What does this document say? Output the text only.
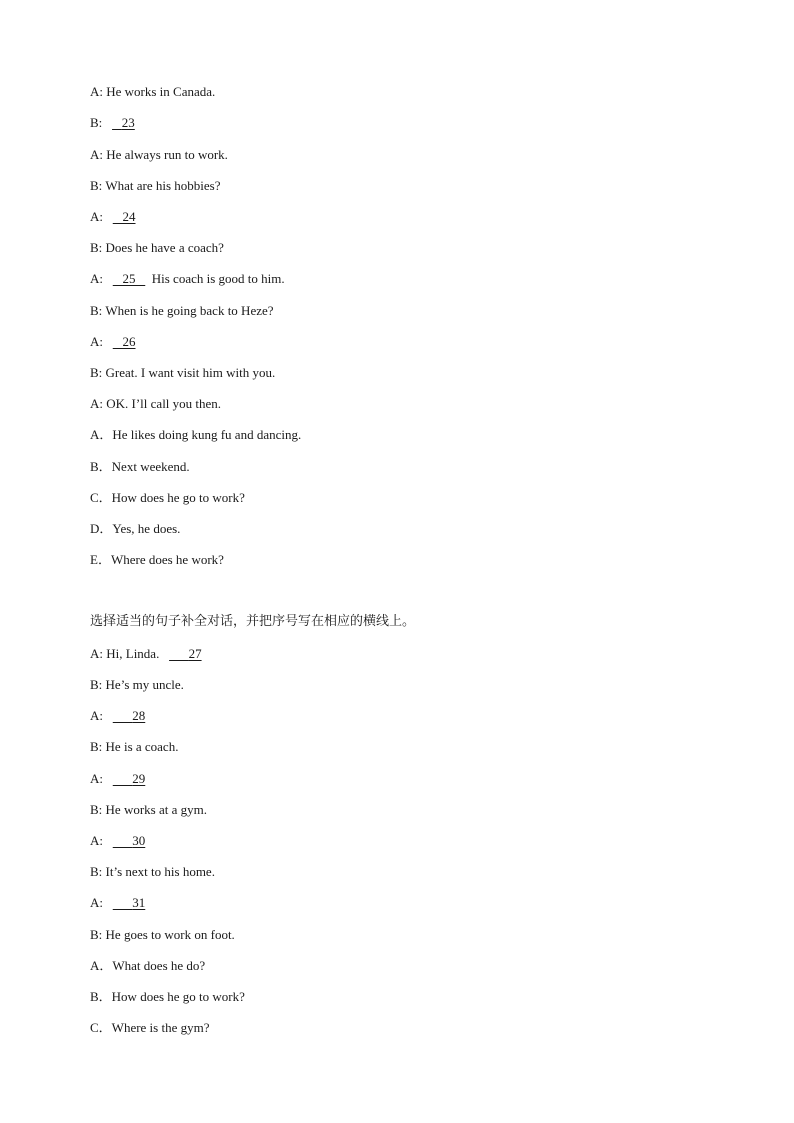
A: He works in Canada.
B: 23
A: He always run to work.
B: What are his hobbies?
A: 24
B: Does he have a coach?
A: 25 His coach is good to him.
B: When is he going back to Heze?
A: 26
B: Great. I want visit him with you.
A: OK. I’ll call you then.
A．He likes doing kung fu and dancing.
B．Next weekend.
C．How does he go to work?
D．Yes, he does.
E．Where does he work?
选择适当的句子补全对话，并把序号写在相应的横线上。
A: Hi, Linda. 27
B: He’s my uncle.
A: 28
B: He is a coach.
A: 29
B: He works at a gym.
A: 30
B: It’s next to his home.
A: 31
B: He goes to work on foot.
A．What does he do?
B．How does he go to work?
C．Where is the gym?
